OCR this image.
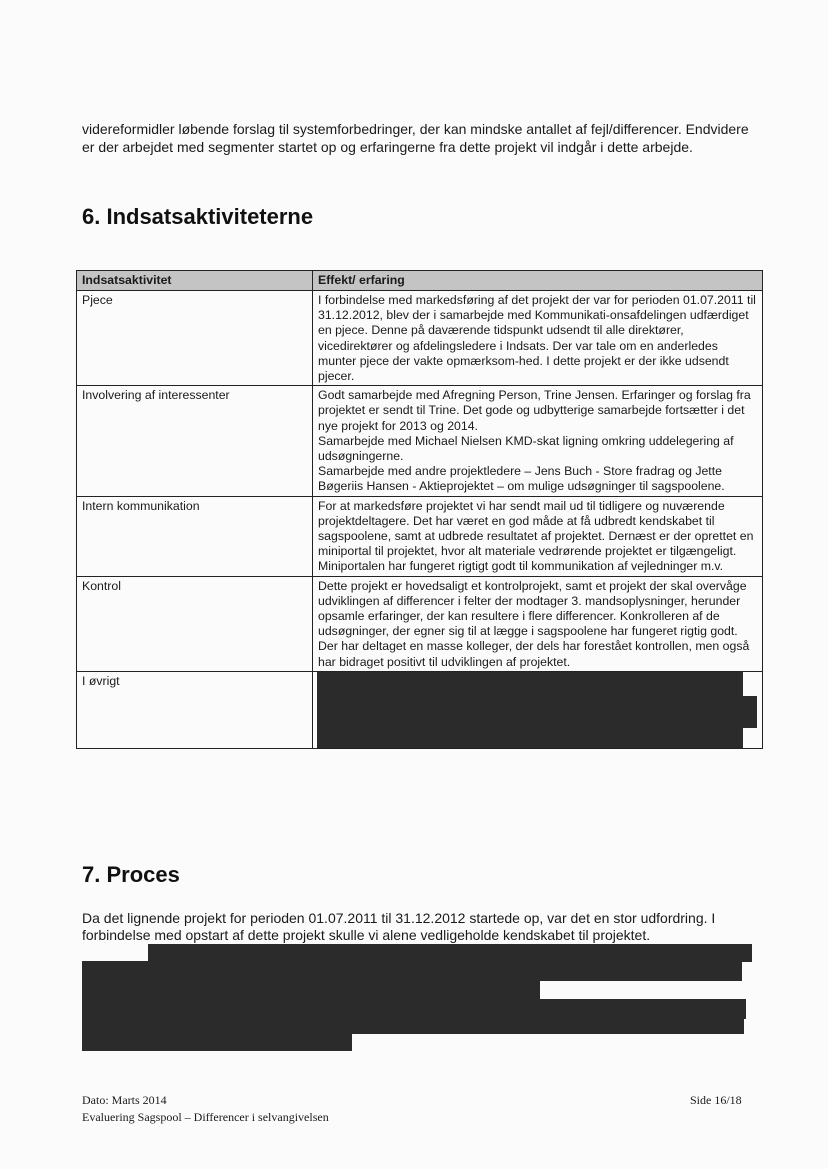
videreformidler løbende forslag til systemforbedringer, der kan mindske antallet af fejl/differencer. Endvidere er der arbejdet med segmenter startet op og erfaringerne fra dette projekt vil indgår i dette arbejde.

6. Indsatsaktiviteterne
Indsatsaktivitet	Effekt/ erfaring
Pjece	I forbindelse med markedsføring af det projekt der var for perioden 01.07.2011 til 31.12.2012, blev der i samarbejde med Kommunikati-onsafdelingen udfærdiget en pjece. Denne på daværende tidspunkt udsendt til alle direktører, vicedirektører og afdelingsledere i Indsats. Der var tale om en anderledes munter pjece der vakte opmærksom-hed. I dette projekt er der ikke udsendt pjecer.

Involvering af interessenter	Godt samarbejde med Afregning Person, Trine Jensen. Erfaringer og forslag fra projektet er sendt til Trine. Det gode og udbytterige samarbejde fortsætter i det nye projekt for 2013 og 2014.

Samarbejde med Michael Nielsen KMD-skat ligning omkring uddelegering af udsøgningerne.

Samarbejde med andre projektledere – Jens Buch - Store fradrag og Jette Bøgeriis Hansen - Aktieprojektet – om mulige udsøgninger til sagspoolene.

Intern kommunikation	For at markedsføre projektet vi har sendt mail ud til tidligere og nuværende projektdeltagere. Det har været en god måde at få udbredt kendskabet til sagspoolene, samt at udbrede resultatet af projektet. Dernæst er der oprettet en miniportal til projektet, hvor alt materiale vedrørende projektet er tilgængeligt. Miniportalen har fungeret rigtigt godt til kommunikation af vejledninger m.v.

Kontrol	Dette projekt er hovedsaligt et kontrolprojekt, samt et projekt der skal overvåge udviklingen af differencer i felter der modtager 3. mandsoplysninger, herunder opsamle erfaringer, der kan resultere i flere differencer. Konkrolleren af de udsøgninger, der egner sig til at lægge i sagspoolene har fungeret rigtig godt. Der har deltaget en masse kolleger, der dels har forestået kontrollen, men også har bidraget positivt til udviklingen af projektet.

I øvrigt	
7. Proces

Da det lignende projekt for perioden 01.07.2011 til 31.12.2012 startede op, var det en stor udfordring. I forbindelse med opstart af dette projekt skulle vi alene vedligeholde kendskabet til projektet.

Dato: Marts 2014
Evaluering Sagspool – Differencer i selvangivelsen
Side 16/18
